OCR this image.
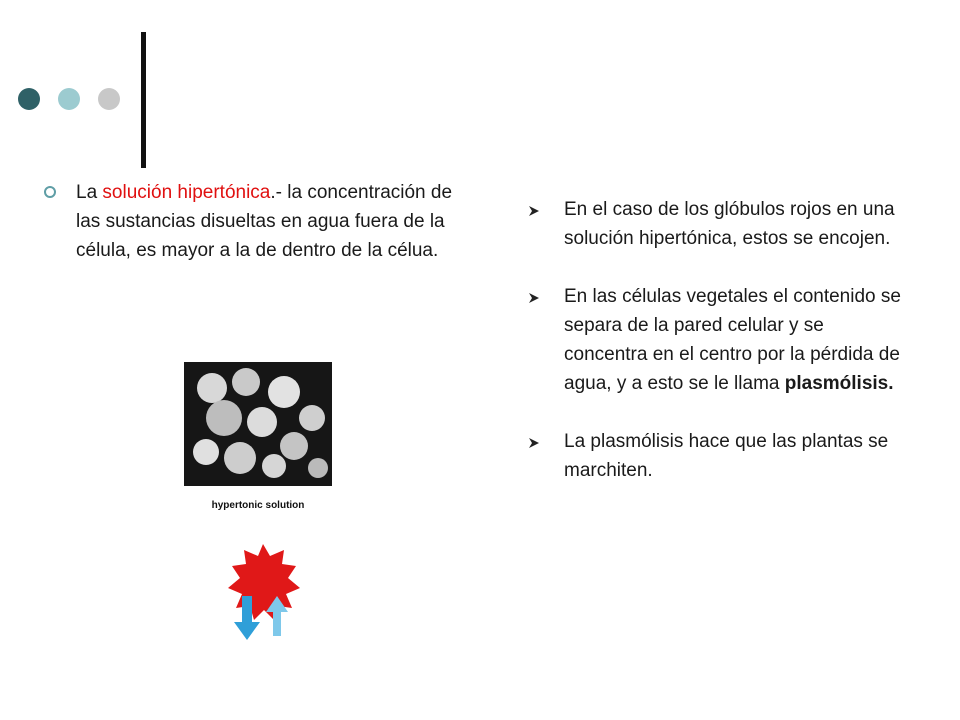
La solución hipertónica.- la concentración de las sustancias disueltas en agua fuera de la célula, es mayor a la de dentro de la célua.
hypertonic solution
En el caso de los glóbulos rojos en una solución hipertónica, estos se encojen.
En las células vegetales el contenido se separa de la pared celular y se concentra en el centro por la pérdida de agua, y a esto se le llama plasmólisis.
La plasmólisis hace que las plantas se marchiten.
